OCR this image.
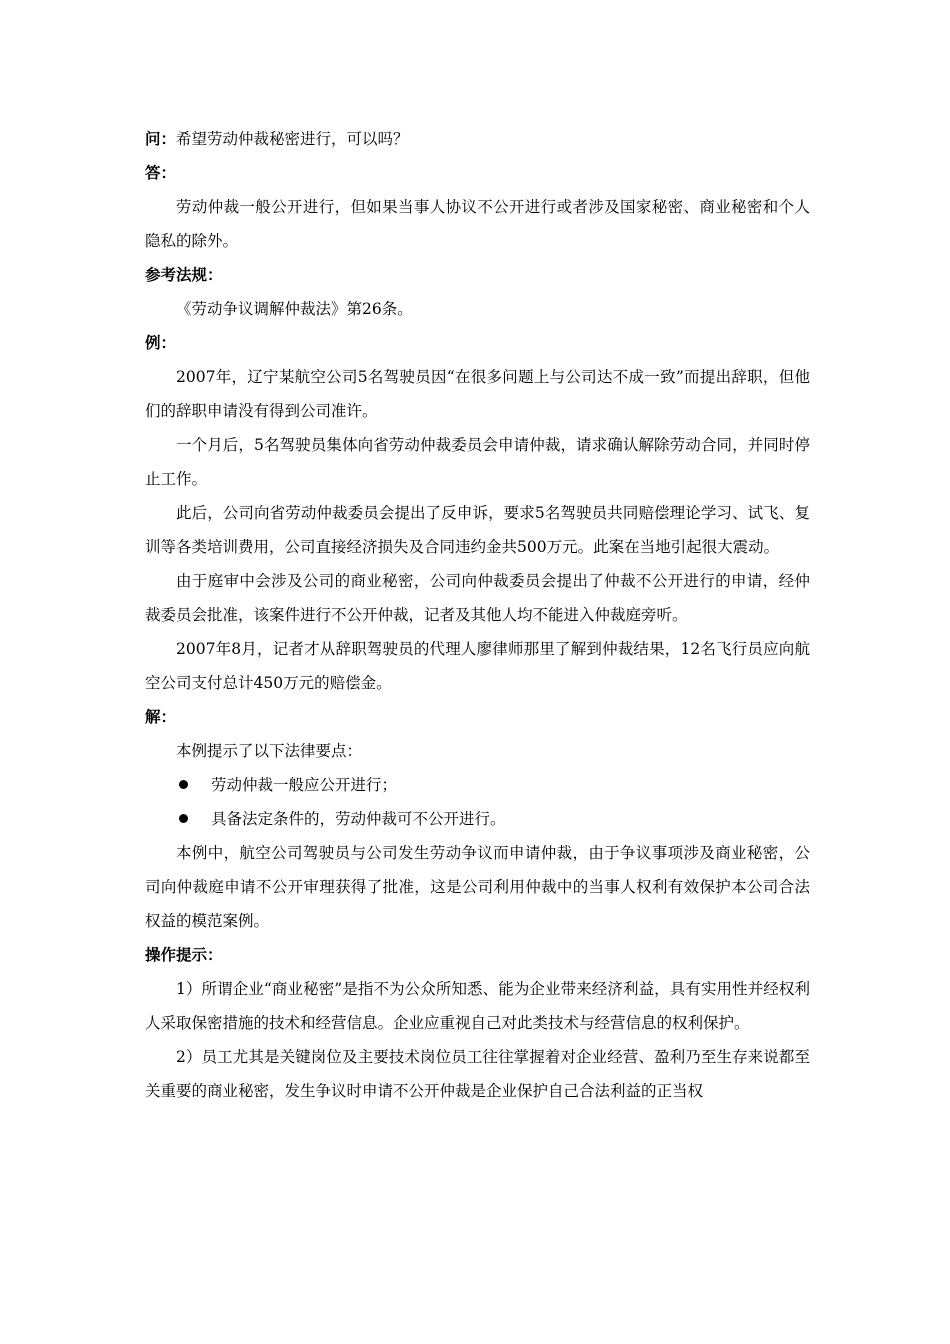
问：希望劳动仲裁秘密进行，可以吗？

答：

劳动仲裁一般公开进行，但如果当事人协议不公开进行或者涉及国家秘密、商业秘密和个人隐私的除外。

参考法规：

《劳动争议调解仲裁法》第26条。

例：

2007年，辽宁某航空公司5名驾驶员因“在很多问题上与公司达不成一致”而提出辞职，但他们的辞职申请没有得到公司准许。

一个月后，5名驾驶员集体向省劳动仲裁委员会申请仲裁，请求确认解除劳动合同，并同时停止工作。

此后，公司向省劳动仲裁委员会提出了反申诉，要求5名驾驶员共同赔偿理论学习、试飞、复训等各类培训费用，公司直接经济损失及合同违约金共500万元。此案在当地引起很大震动。

由于庭审中会涉及公司的商业秘密，公司向仲裁委员会提出了仲裁不公开进行的申请，经仲裁委员会批准，该案件进行不公开仲裁，记者及其他人均不能进入仲裁庭旁听。

2007年8月，记者才从辞职驾驶员的代理人廖律师那里了解到仲裁结果，12名飞行员应向航空公司支付总计450万元的赔偿金。

解：

本例提示了以下法律要点：

劳动仲裁一般应公开进行；
具备法定条件的，劳动仲裁可不公开进行。

本例中，航空公司驾驶员与公司发生劳动争议而申请仲裁，由于争议事项涉及商业秘密，公司向仲裁庭申请不公开审理获得了批准，这是公司利用仲裁中的当事人权利有效保护本公司合法权益的模范案例。

操作提示：

1）所谓企业“商业秘密”是指不为公众所知悉、能为企业带来经济利益，具有实用性并经权利人采取保密措施的技术和经营信息。企业应重视自己对此类技术与经营信息的权利保护。

2）员工尤其是关键岗位及主要技术岗位员工往往掌握着对企业经营、盈利乃至生存来说都至关重要的商业秘密，发生争议时申请不公开仲裁是企业保护自己合法利益的正当权
